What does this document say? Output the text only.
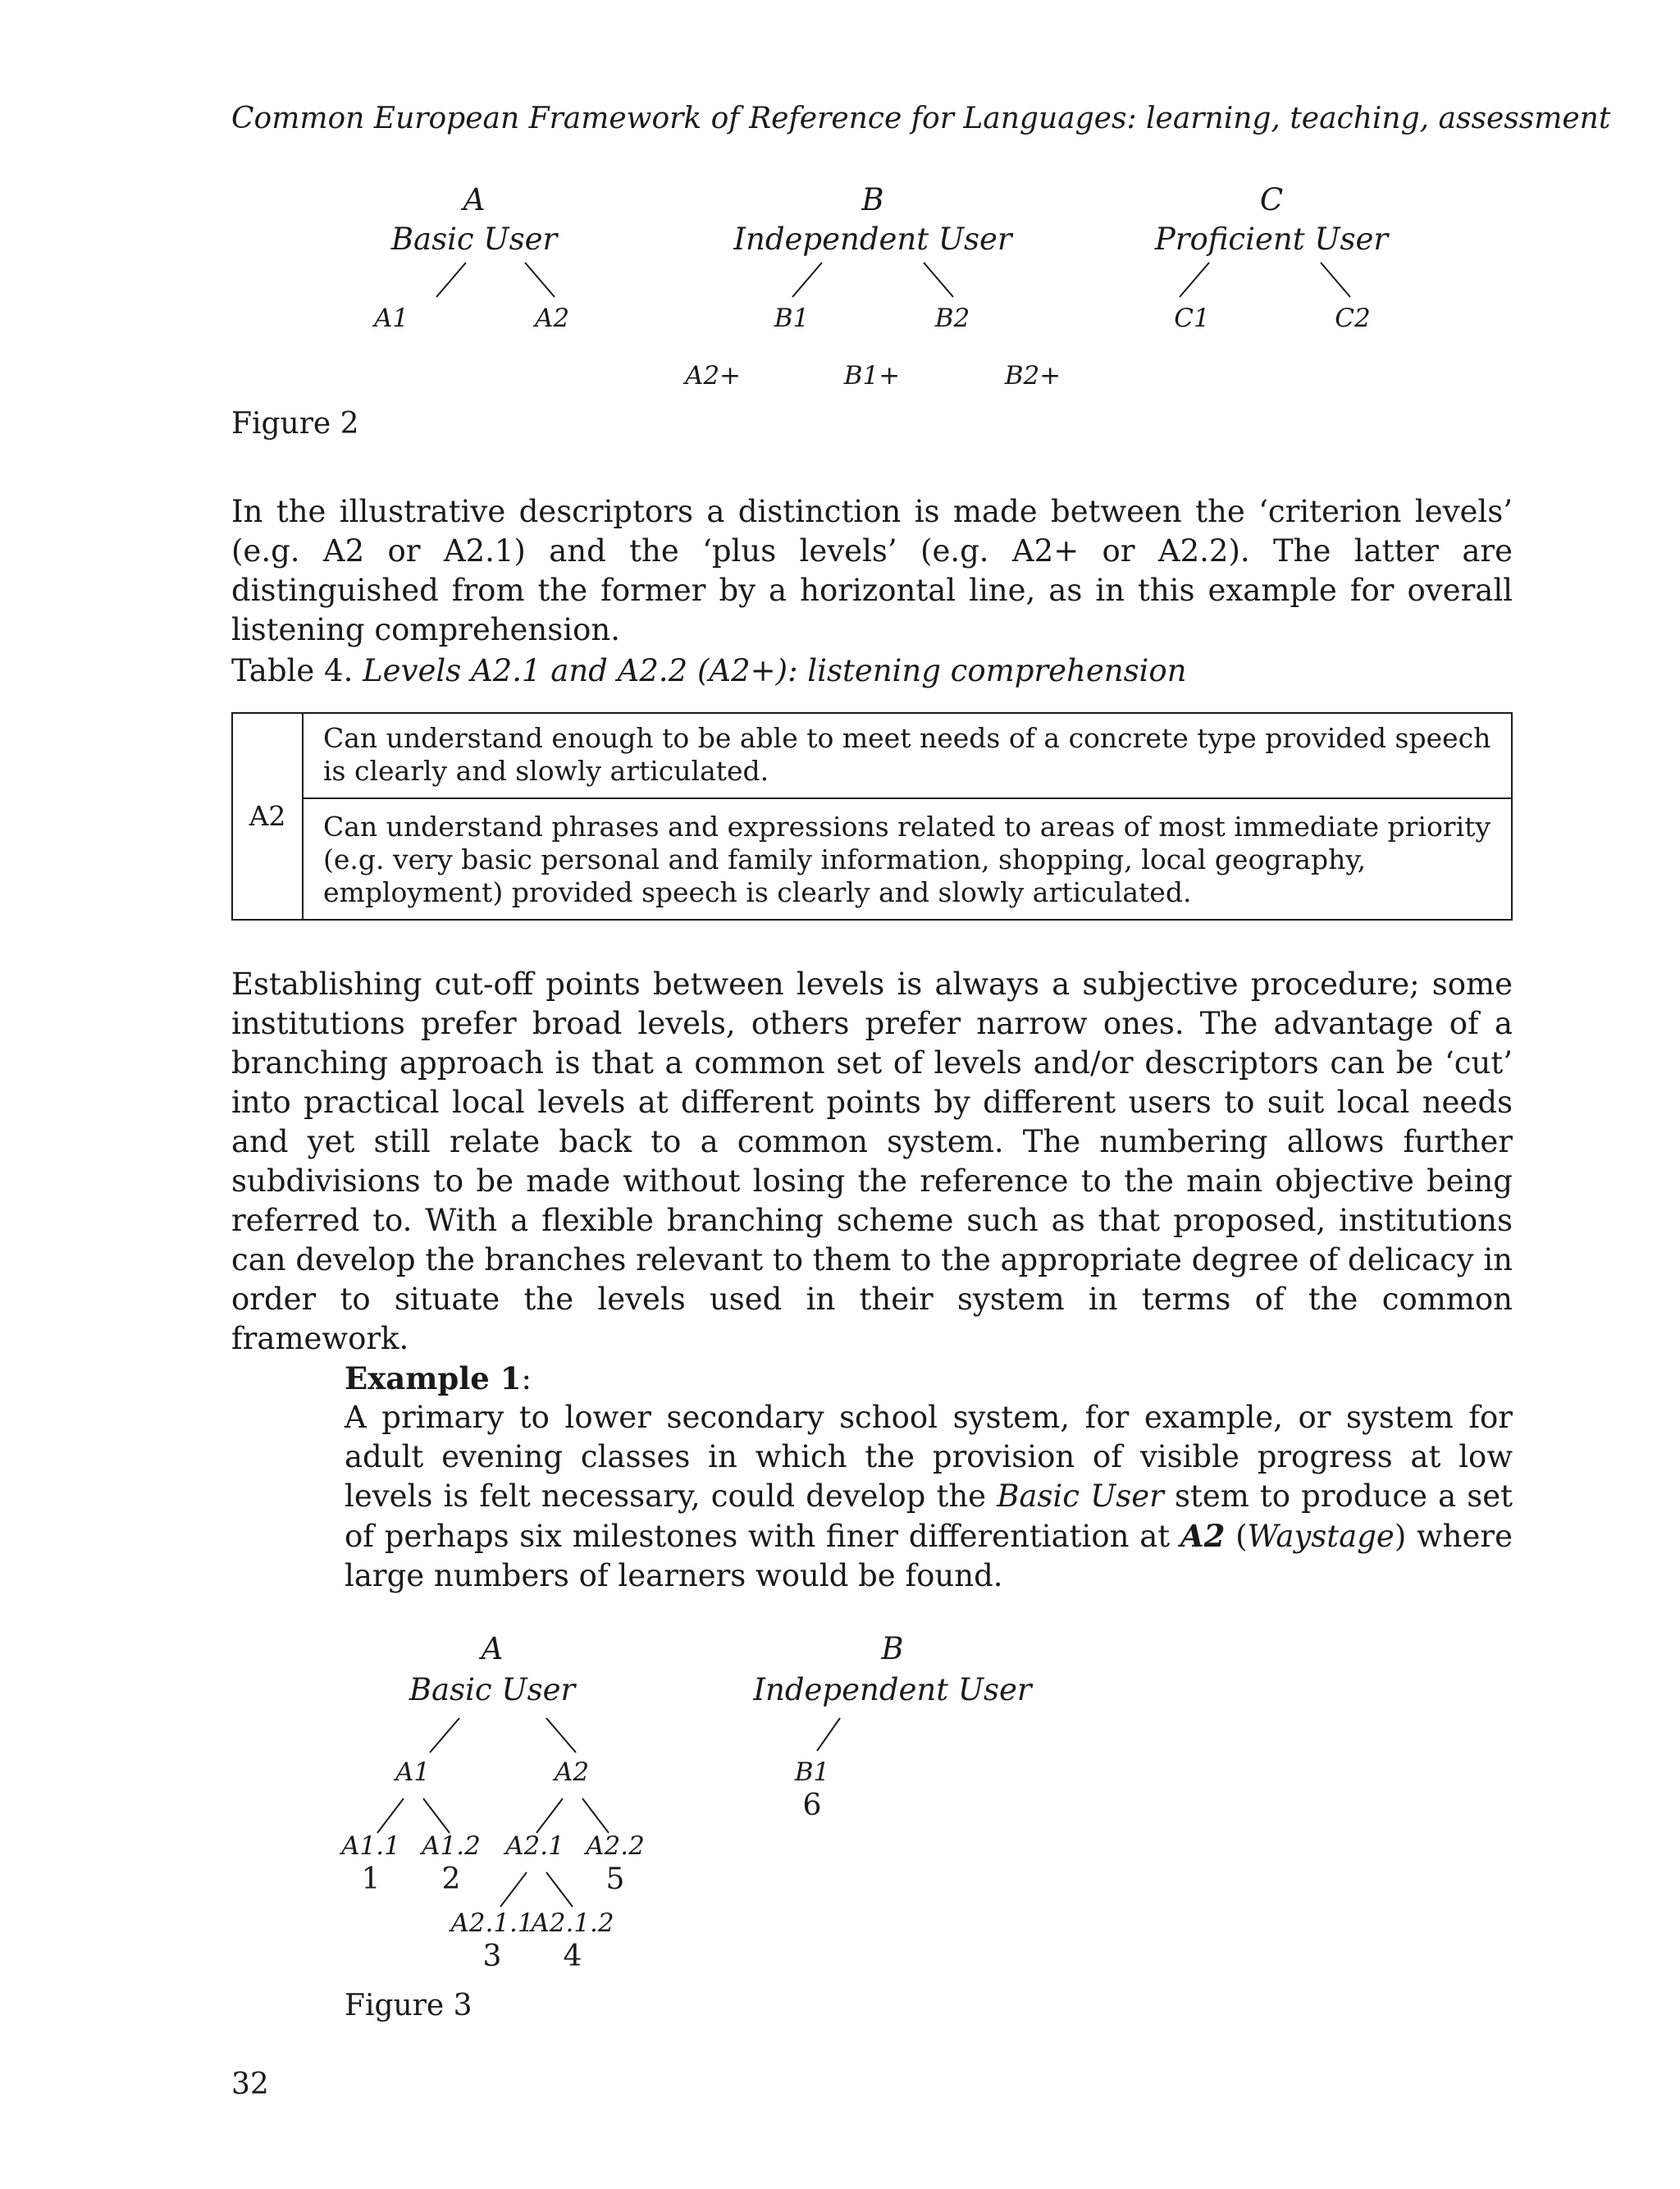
Common European Framework of Reference for Languages: learning, teaching, assessment
A
Basic User
B
Independent User
C
Proficient User
A1	A2	B1	B2	C1	C2
A2+	B1+	B2+
Figure 2

In the illustrative descriptors a distinction is made between the ‘criterion levels’ (e.g. A2 or A2.1) and the ‘plus levels’ (e.g. A2+ or A2.2). The latter are distinguished from the former by a horizontal line, as in this example for overall listening comprehension.

Table 4. Levels A2.1 and A2.2 (A2+): listening comprehension
A2	Can understand enough to be able to meet needs of a concrete type provided speech is clearly and slowly articulated.
Can understand phrases and expressions related to areas of most immediate priority (e.g. very basic personal and family information, shopping, local geography, employment) provided speech is clearly and slowly articulated.

Establishing cut-off points between levels is always a subjective procedure; some institutions prefer broad levels, others prefer narrow ones. The advantage of a branching approach is that a common set of levels and/or descriptors can be ‘cut’ into practical local levels at different points by different users to suit local needs and yet still relate back to a common system. The numbering allows further subdivisions to be made without losing the reference to the main objective being referred to. With a flexible branching scheme such as that proposed, institutions can develop the branches relevant to them to the appropriate degree of delicacy in order to situate the levels used in their system in terms of the common framework.

Example 1:

A primary to lower secondary school system, for example, or system for adult evening classes in which the provision of visible progress at low levels is felt necessary, could develop the Basic User stem to produce a set of perhaps six milestones with finer differentiation at A2 (Waystage) where large numbers of learners would be found.

A
Basic User
B
Independent User
A1	A2	B1
6
A1.1 A1.2 A2.1 A2.2
1 2	5
A2.1.1
A2.1.2
3 4
Figure 3
32
